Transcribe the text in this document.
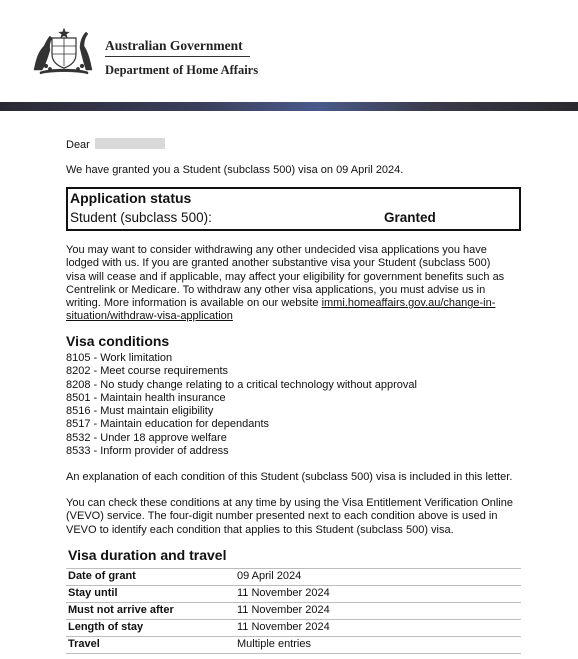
Australian Government
Department of Home Affairs
Dear
We have granted you a Student (subclass 500) visa on 09 April 2024.
Application status
Student (subclass 500):	Granted
You may want to consider withdrawing any other undecided visa applications you have lodged with us. If you are granted another substantive visa your Student (subclass 500) visa will cease and if applicable, may affect your eligibility for government benefits such as Centrelink or Medicare. To withdraw any other visa applications, you must advise us in writing. More information is available on our website immi.homeaffairs.gov.au/change-in-situation/withdraw-visa-application
Visa conditions
8105 - Work limitation
8202 - Meet course requirements
8208 - No study change relating to a critical technology without approval
8501 - Maintain health insurance
8516 - Must maintain eligibility
8517 - Maintain education for dependants
8532 - Under 18 approve welfare
8533 - Inform provider of address
An explanation of each condition of this Student (subclass 500) visa is included in this letter.
You can check these conditions at any time by using the Visa Entitlement Verification Online (VEVO) service. The four-digit number presented next to each condition above is used in VEVO to identify each condition that applies to this Student (subclass 500) visa.
Visa duration and travel
Date of grant	09 April 2024
Stay until	11 November 2024
Must not arrive after	11 November 2024
Length of stay	11 November 2024
Travel	Multiple entries
